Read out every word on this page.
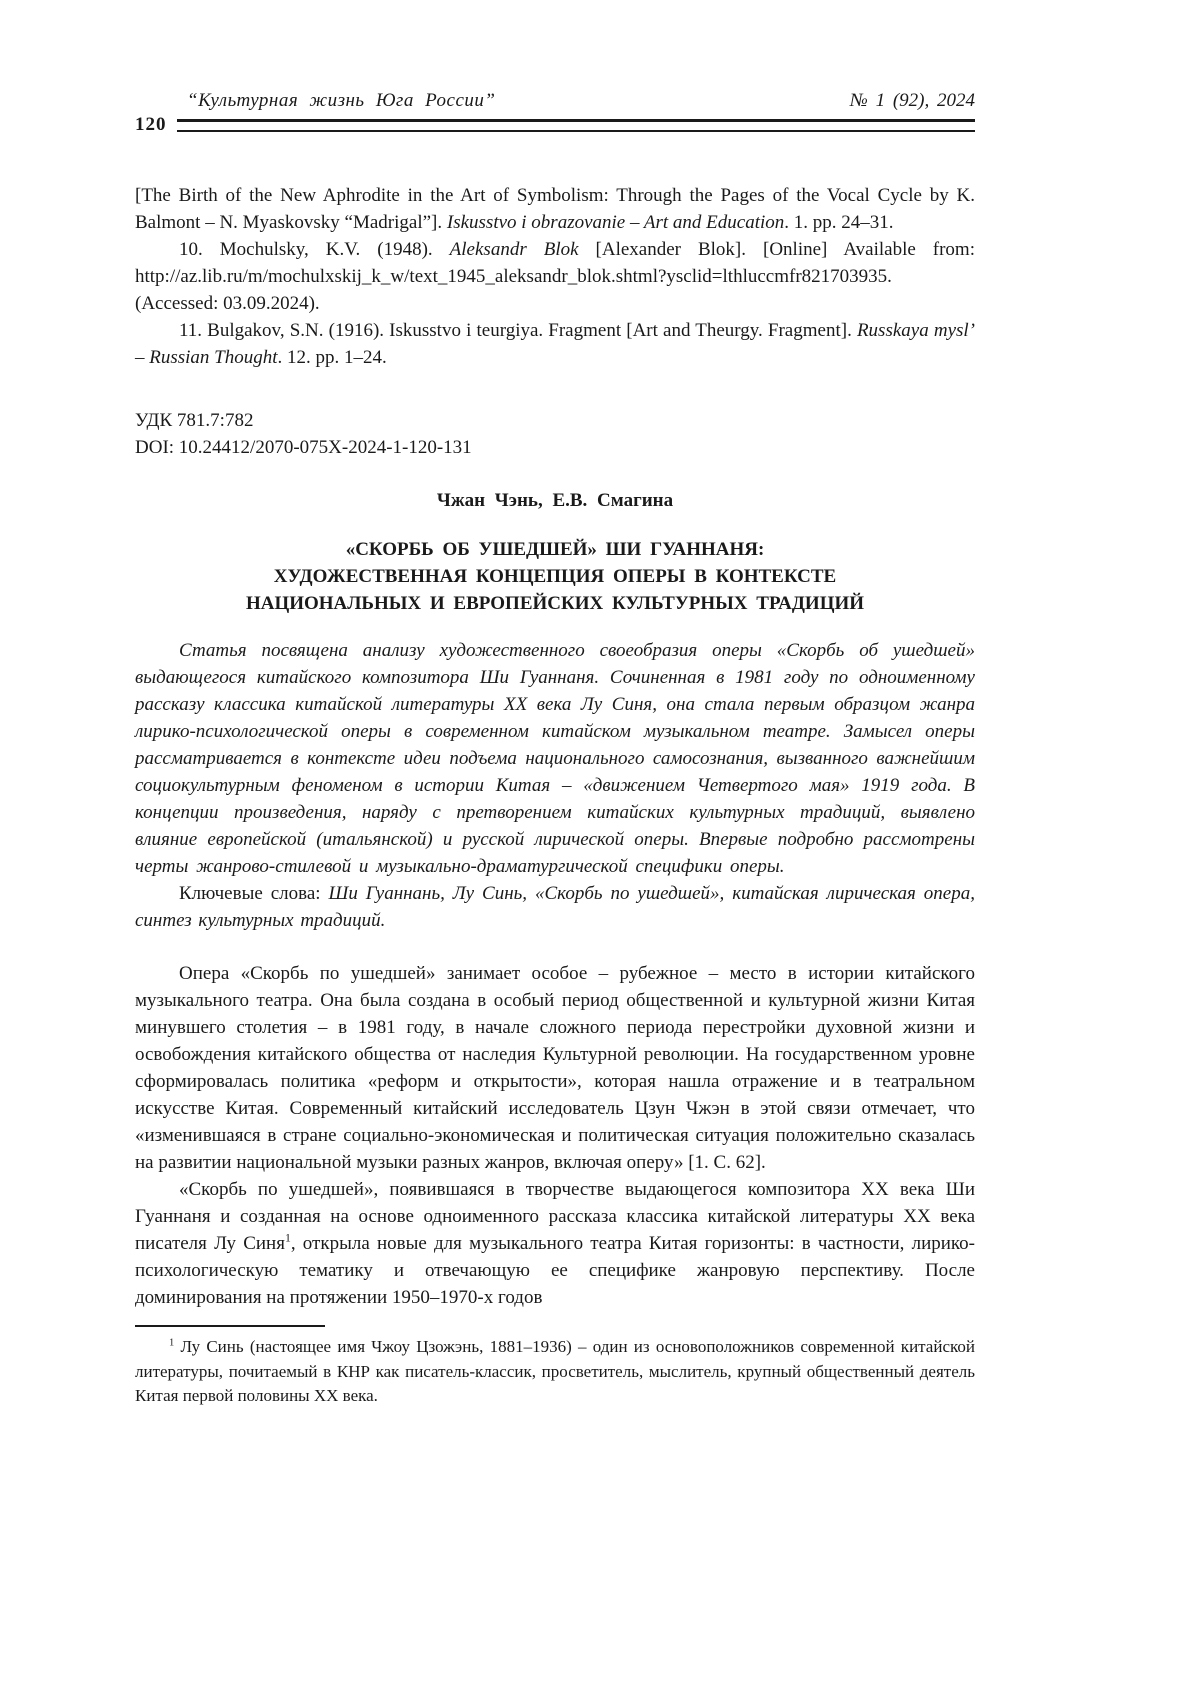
“Культурная жизнь Юга России”	№ 1 (92), 2024
120

[The Birth of the New Aphrodite in the Art of Symbolism: Through the Pages of the Vocal Cycle by K. Balmont – N. Myaskovsky “Madrigal”]. Iskusstvo i obrazovanie – Art and Education. 1. pp. 24–31.

10. Mochulsky, K.V. (1948). Aleksandr Blok [Alexander Blok]. [Online] Available from: http://az.lib.ru/m/mochulxskij_k_w/text_1945_aleksandr_blok.shtml?ysclid=lthluccmfr821703935. (Accessed: 03.09.2024).

11. Bulgakov, S.N. (1916). Iskusstvo i teurgiya. Fragment [Art and Theurgy. Fragment]. Russkaya mysl’ – Russian Thought. 12. pp. 1–24.

УДК 781.7:782

DOI: 10.24412/2070-075X-2024-1-120-131

Чжан Чэнь, Е.В. Смагина

«СКОРБЬ ОБ УШЕДШЕЙ» ШИ ГУАННАНЯ:
ХУДОЖЕСТВЕННАЯ КОНЦЕПЦИЯ ОПЕРЫ В КОНТЕКСТЕ
НАЦИОНАЛЬНЫХ И ЕВРОПЕЙСКИХ КУЛЬТУРНЫХ ТРАДИЦИЙ

Статья посвящена анализу художественного своеобразия оперы «Скорбь об ушедшей» выдающегося китайского композитора Ши Гуаннаня. Сочиненная в 1981 году по одноименному рассказу классика китайской литературы XX века Лу Синя, она стала первым образцом жанра лирико-психологической оперы в современном китайском музыкальном театре. Замысел оперы рассматривается в контексте идеи подъема национального самосознания, вызванного важнейшим социокультурным феноменом в истории Китая – «движением Четвертого мая» 1919 года. В концепции произведения, наряду с претворением китайских культурных традиций, выявлено влияние европейской (итальянской) и русской лирической оперы. Впервые подробно рассмотрены черты жанрово-стилевой и музыкально-драматургической специфики оперы.

Ключевые слова: Ши Гуаннань, Лу Синь, «Скорбь по ушедшей», китайская лирическая опера, синтез культурных традиций.

Опера «Скорбь по ушедшей» занимает особое – рубежное – место в истории китайского музыкального театра. Она была создана в особый период общественной и культурной жизни Китая минувшего столетия – в 1981 году, в начале сложного периода перестройки духовной жизни и освобождения китайского общества от наследия Культурной революции. На государственном уровне сформировалась политика «реформ и открытости», которая нашла отражение и в театральном искусстве Китая. Современный китайский исследователь Цзун Чжэн в этой связи отмечает, что «изменившаяся в стране социально-экономическая и политическая ситуация положительно сказалась на развитии национальной музыки разных жанров, включая оперу» [1. С. 62].

«Скорбь по ушедшей», появившаяся в творчестве выдающегося композитора XX века Ши Гуаннаня и созданная на основе одноименного рассказа классика китайской литературы XX века писателя Лу Синя$^1$, открыла новые для музыкального театра Китая горизонты: в частности, лирико-психологическую тематику и отвечающую ее специфике жанровую перспективу. После доминирования на протяжении 1950–1970-х годов

$^1$ Лу Синь (настоящее имя Чжоу Цзожэнь, 1881–1936) – один из основоположников современной китайской литературы, почитаемый в КНР как писатель-классик, просветитель, мыслитель, крупный общественный деятель Китая первой половины XX века.
